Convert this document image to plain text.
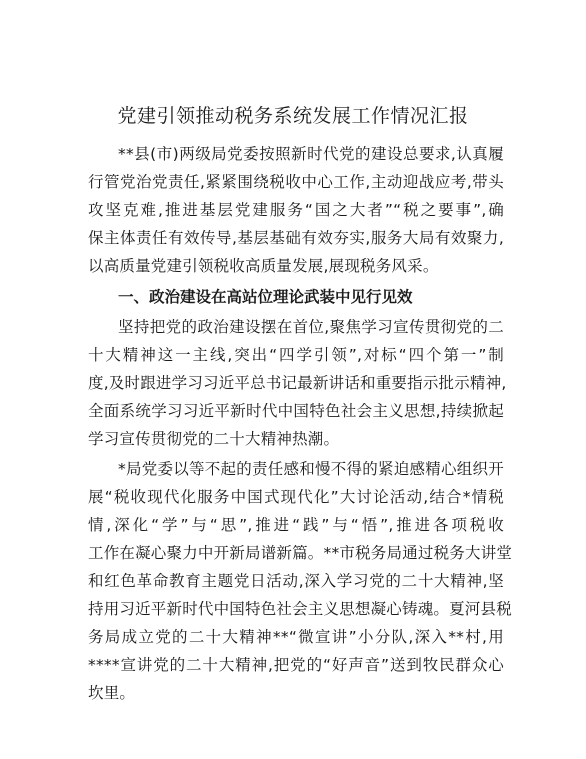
党建引领推动税务系统发展工作情况汇报
**县(市)两级局党委按照新时代党的建设总要求,认真履
行管党治党责任,紧紧围绕税收中心工作,主动迎战应考,带头
攻坚克难,推进基层党建服务“国之大者”“税之要事”,确
保主体责任有效传导,基层基础有效夯实,服务大局有效聚力,
以高质量党建引领税收高质量发展,展现税务风采。
一、政治建设在高站位理论武装中见行见效
坚持把党的政治建设摆在首位,聚焦学习宣传贯彻党的二
十大精神这一主线,突出“四学引领”,对标“四个第一”制
度,及时跟进学习习近平总书记最新讲话和重要指示批示精神,
全面系统学习习近平新时代中国特色社会主义思想,持续掀起
学习宣传贯彻党的二十大精神热潮。
*局党委以等不起的责任感和慢不得的紧迫感精心组织开
展“税收现代化服务中国式现代化”大讨论活动,结合*情税
情,深化“学”与“思”,推进“践”与“悟”,推进各项税收
工作在凝心聚力中开新局谱新篇。**市税务局通过税务大讲堂
和红色革命教育主题党日活动,深入学习党的二十大精神,坚
持用习近平新时代中国特色社会主义思想凝心铸魂。夏河县税
务局成立党的二十大精神**“微宣讲”小分队,深入**村,用
****宣讲党的二十大精神,把党的“好声音”送到牧民群众心
坎里。
